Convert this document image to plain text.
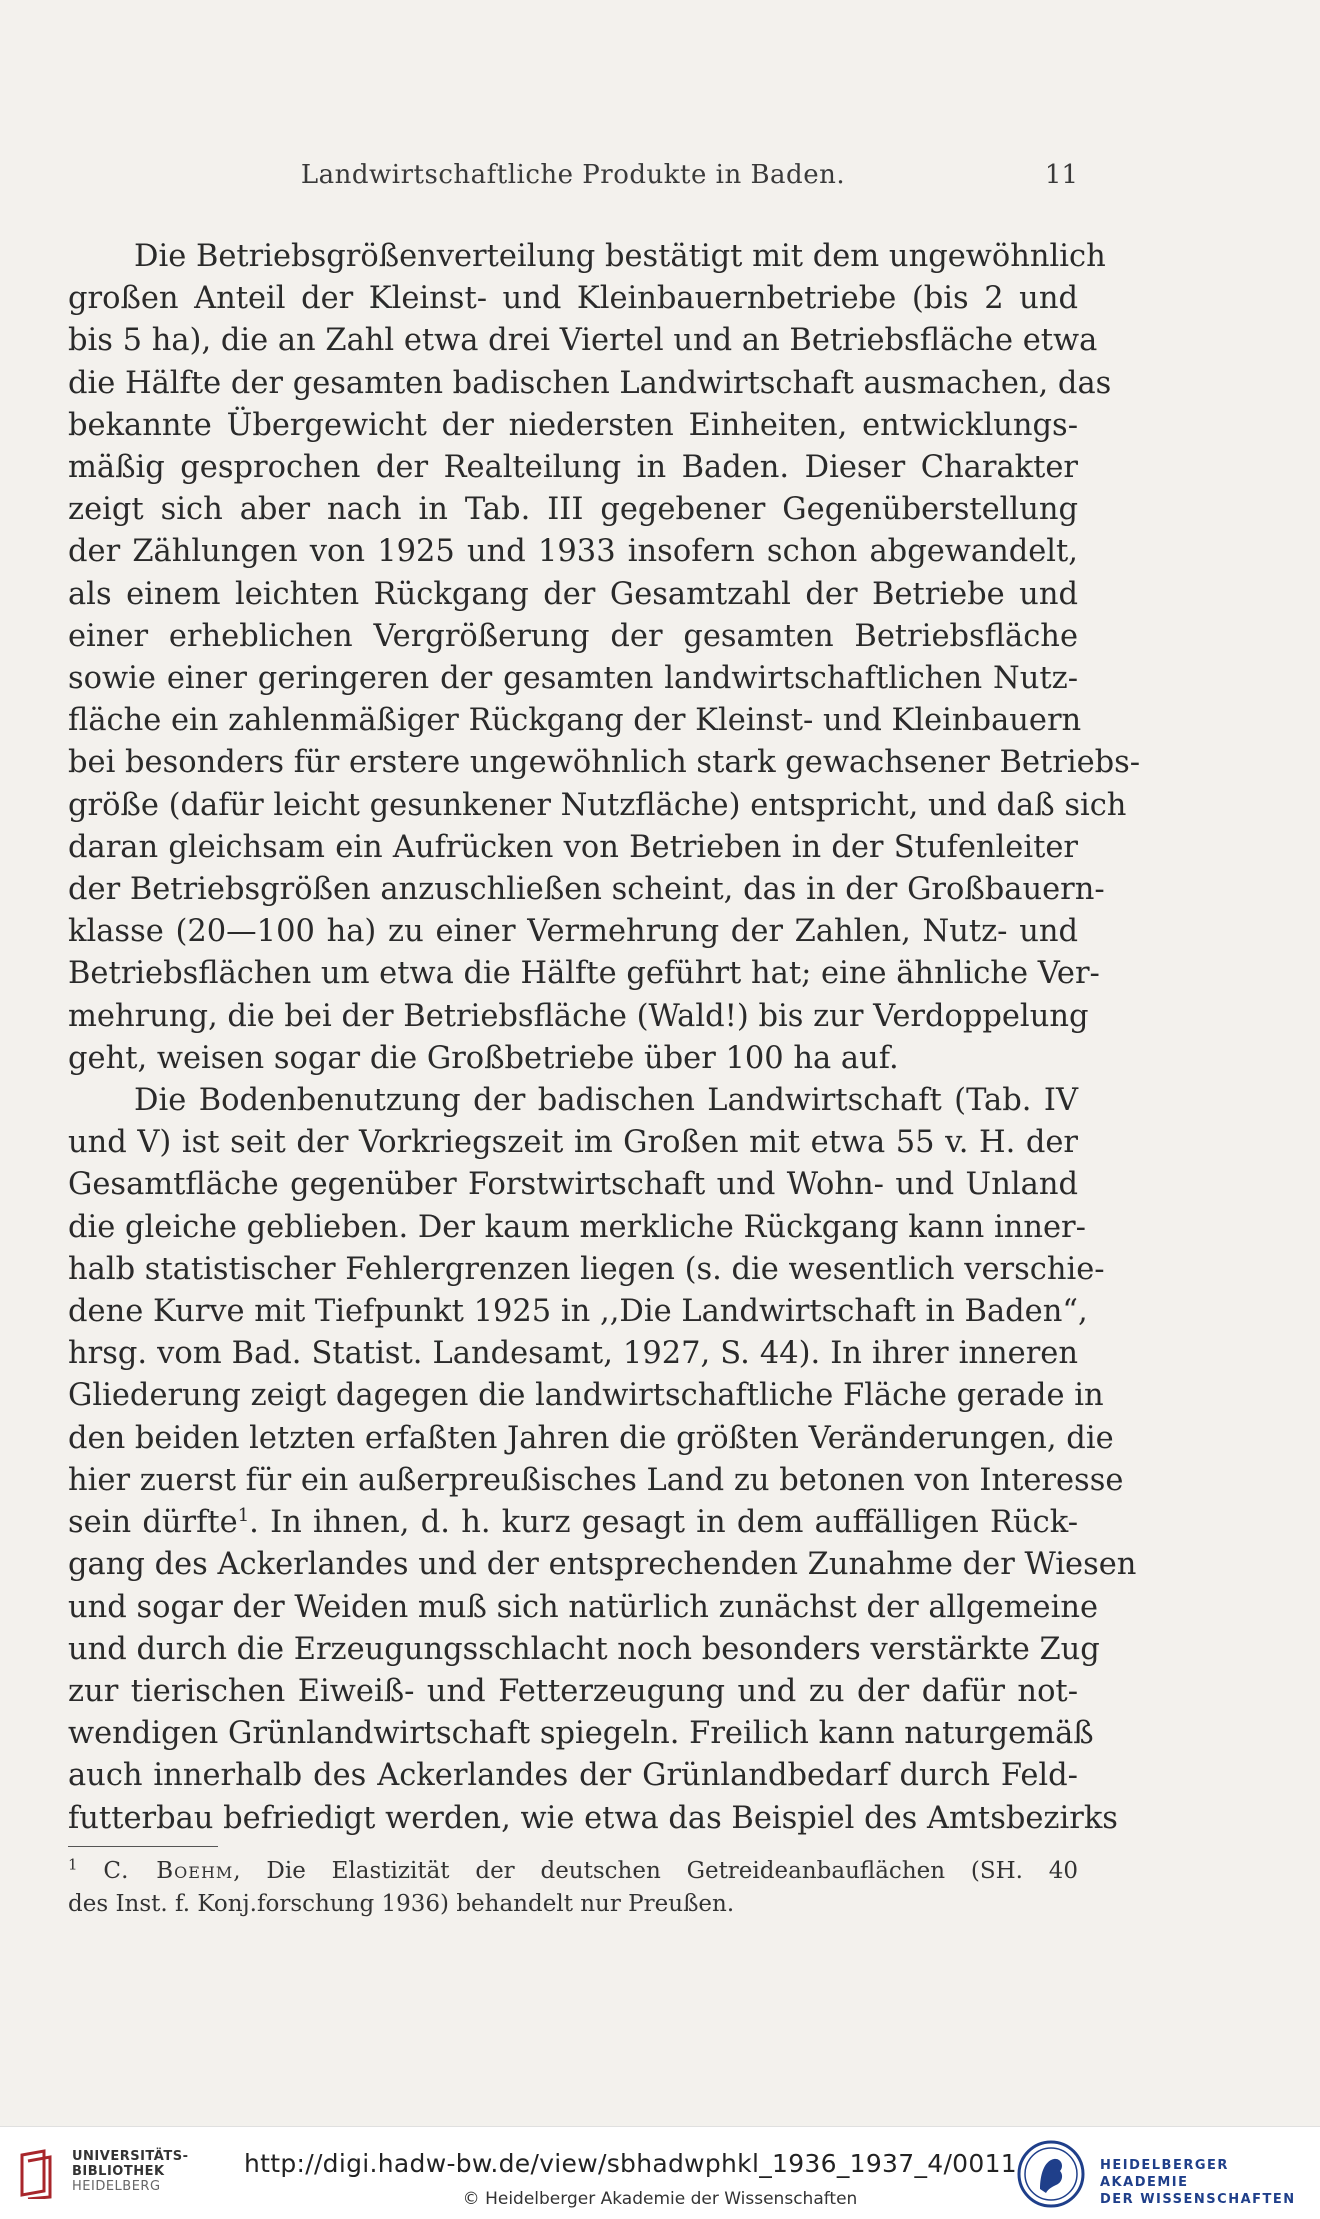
Landwirtschaftliche Produkte in Baden.	11
Die Betriebsgrößenverteilung bestätigt mit dem ungewöhnlich
großen Anteil der Kleinst- und Kleinbauernbetriebe (bis 2 und
bis 5 ha), die an Zahl etwa drei Viertel und an Betriebsfläche etwa
die Hälfte der gesamten badischen Landwirtschaft ausmachen, das
bekannte Übergewicht der niedersten Einheiten, entwicklungs-
mäßig gesprochen der Realteilung in Baden. Dieser Charakter
zeigt sich aber nach in Tab. III gegebener Gegenüberstellung
der Zählungen von 1925 und 1933 insofern schon abgewandelt,
als einem leichten Rückgang der Gesamtzahl der Betriebe und
einer erheblichen Vergrößerung der gesamten Betriebsfläche
sowie einer geringeren der gesamten landwirtschaftlichen Nutz-
fläche ein zahlenmäßiger Rückgang der Kleinst- und Kleinbauern
bei besonders für erstere ungewöhnlich stark gewachsener Betriebs-
größe (dafür leicht gesunkener Nutzfläche) entspricht, und daß sich
daran gleichsam ein Aufrücken von Betrieben in der Stufenleiter
der Betriebsgrößen anzuschließen scheint, das in der Großbauern-
klasse (20—100 ha) zu einer Vermehrung der Zahlen, Nutz- und
Betriebsflächen um etwa die Hälfte geführt hat; eine ähnliche Ver-
mehrung, die bei der Betriebsfläche (Wald!) bis zur Verdoppelung
geht, weisen sogar die Großbetriebe über 100 ha auf.
Die Bodenbenutzung der badischen Landwirtschaft (Tab. IV
und V) ist seit der Vorkriegszeit im Großen mit etwa 55 v. H. der
Gesamtfläche gegenüber Forstwirtschaft und Wohn- und Unland
die gleiche geblieben. Der kaum merkliche Rückgang kann inner-
halb statistischer Fehlergrenzen liegen (s. die wesentlich verschie-
dene Kurve mit Tiefpunkt 1925 in ,,Die Landwirtschaft in Baden“,
hrsg. vom Bad. Statist. Landesamt, 1927, S. 44). In ihrer inneren
Gliederung zeigt dagegen die landwirtschaftliche Fläche gerade in
den beiden letzten erfaßten Jahren die größten Veränderungen, die
hier zuerst für ein außerpreußisches Land zu betonen von Interesse
sein dürfte$^1$. In ihnen, d. h. kurz gesagt in dem auffälligen Rück-
gang des Ackerlandes und der entsprechenden Zunahme der Wiesen
und sogar der Weiden muß sich natürlich zunächst der allgemeine
und durch die Erzeugungsschlacht noch besonders verstärkte Zug
zur tierischen Eiweiß- und Fetterzeugung und zu der dafür not-
wendigen Grünlandwirtschaft spiegeln. Freilich kann naturgemäß
auch innerhalb des Ackerlandes der Grünlandbedarf durch Feld-
futterbau befriedigt werden, wie etwa das Beispiel des Amtsbezirks
$^1$ C. Boehm, Die Elastizität der deutschen Getreideanbauflächen (SH. 40
des Inst. f. Konj.forschung 1936) behandelt nur Preußen.
UNIVERSITÄTS-
BIBLIOTHEK
HEIDELBERG
http://digi.hadw-bw.de/view/sbhadwphkl_1936_1937_4/0011
© Heidelberger Akademie der Wissenschaften
HEIDELBERGER AKADEMIE
DER WISSENSCHAFTEN
